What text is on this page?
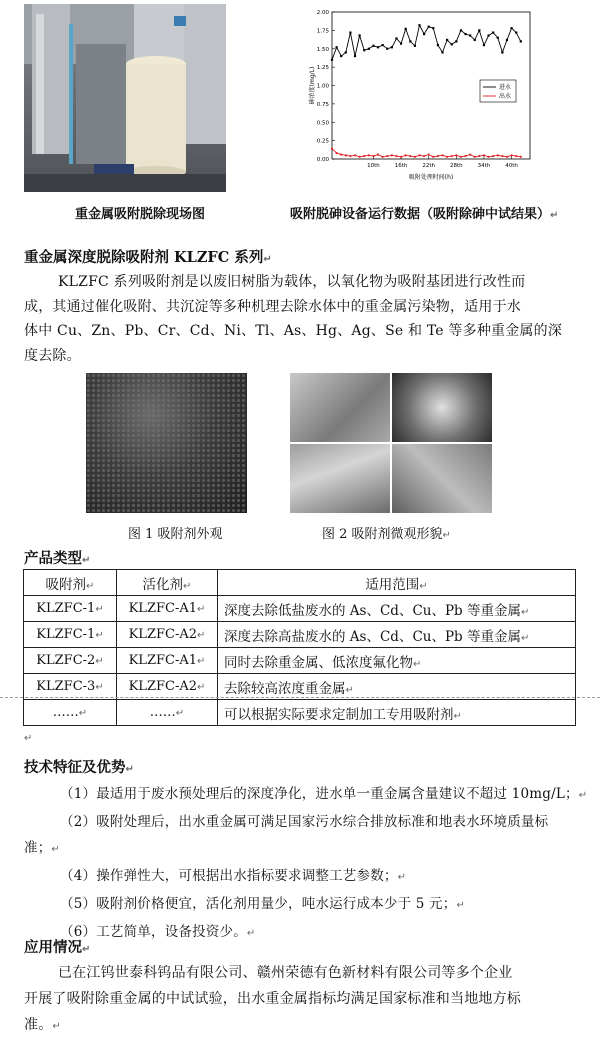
2.00
1.75
1.50
1.25
1.00
0.75
0.50
0.25
0.00
10th	16th	22th	28th	34th	40th
吸附处理时间(h)
砷浓度(mg/L)	进水
出水
重金属吸附脱除现场图	吸附脱砷设备运行数据（吸附除砷中试结果）↵
重金属深度脱除吸附剂 KLZFC 系列↵
KLZFC 系列吸附剂是以废旧树脂为载体，以氧化物为吸附基团进行改性而
成，其通过催化吸附、共沉淀等多种机理去除水体中的重金属污染物，适用于水
体中 Cu、Zn、Pb、Cr、Cd、Ni、Tl、As、Hg、Ag、Se 和 Te 等多种重金属的深
度去除。
图 1 吸附剂外观	图 2 吸附剂微观形貌↵
产品类型↵
吸附剂↵	活化剂↵	适用范围↵
KLZFC-1↵	KLZFC-A1↵	深度去除低盐废水的 As、Cd、Cu、Pb 等重金属↵
KLZFC-1↵	KLZFC-A2↵	深度去除高盐废水的 As、Cd、Cu、Pb 等重金属↵
KLZFC-2↵	KLZFC-A1↵	同时去除重金属、低浓度氟化物↵
KLZFC-3↵	KLZFC-A2↵	去除较高浓度重金属↵
……↵	……↵	可以根据实际要求定制加工专用吸附剂↵
↵
技术特征及优势↵
（1）最适用于废水预处理后的深度净化，进水单一重金属含量建议不超过 10mg/L；↵
（2）吸附处理后，出水重金属可满足国家污水综合排放标准和地表水环境质量标
准；↵
（4）操作弹性大，可根据出水指标要求调整工艺参数；↵
（5）吸附剂价格便宜，活化剂用量少，吨水运行成本少于 5 元；↵
（6）工艺简单，设备投资少。↵
应用情况↵
已在江钨世泰科钨品有限公司、赣州荣德有色新材料有限公司等多个企业
开展了吸附除重金属的中试试验，出水重金属指标均满足国家标准和当地地方标
准。↵
